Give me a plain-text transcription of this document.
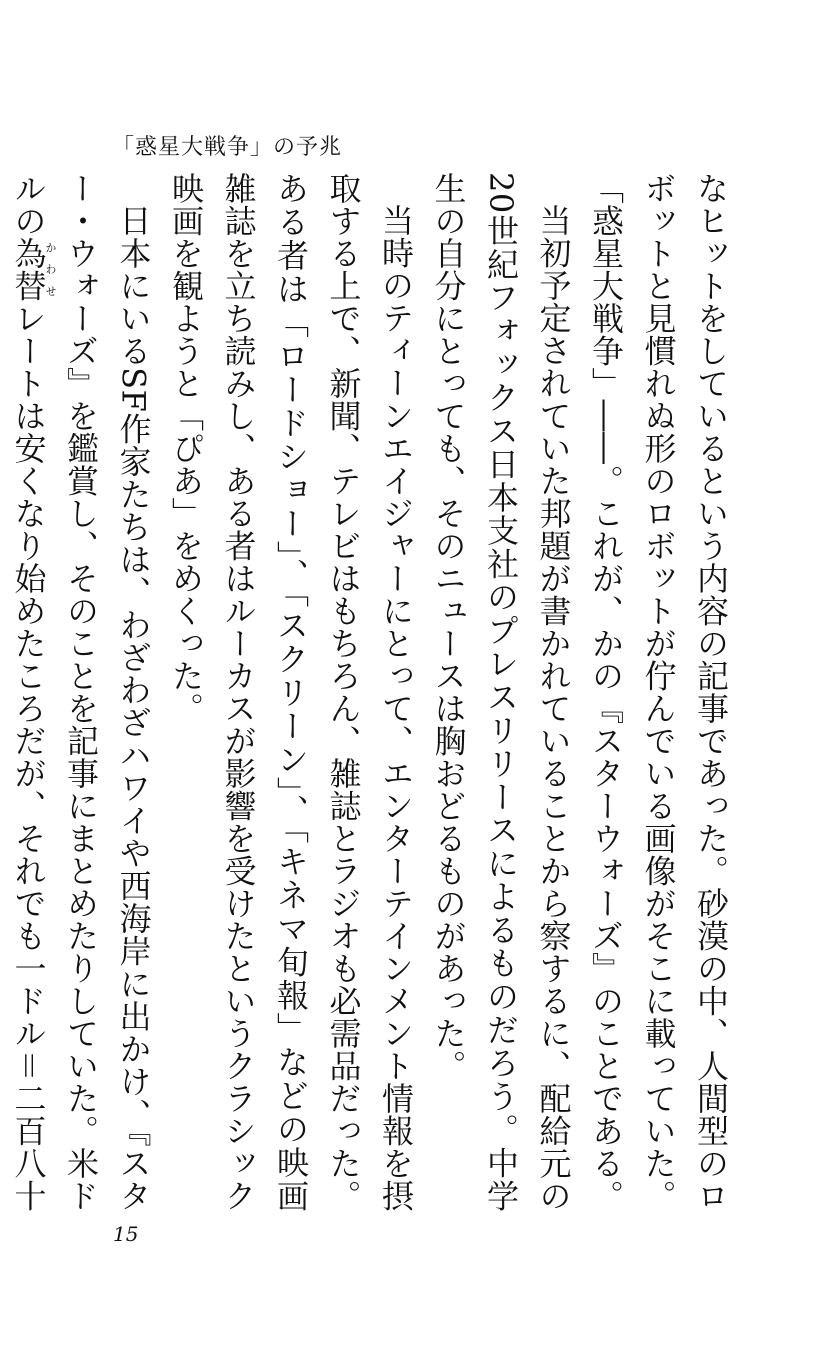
「惑星大戦争」の予兆

なヒットをしているという内容の記事であった。砂漠の中、人間型のロボットと見慣れぬ形のロボットが佇んでいる画像がそこに載っていた。「惑星大戦争」――。これが、かの『スターウォーズ』のことである。

当初予定されていた邦題が書かれていることから察するに、配給元の20世紀フォックス日本支社のプレスリリースによるものだろう。中学生の自分にとっても、そのニュースは胸おどるものがあった。

当時のティーンエイジャーにとって、エンターテインメント情報を摂取する上で、新聞、テレビはもちろん、雑誌とラジオも必需品だった。ある者は「ロードショー」、「スクリーン」、「キネマ旬報」などの映画雑誌を立ち読みし、ある者はルーカスが影響を受けたというクラシック映画を観ようと「ぴあ」をめくった。

日本にいるSF作家たちは、わざわざハワイや西海岸に出かけ、『スター・ウォーズ』を鑑賞し、そのことを記事にまとめたりしていた。米ドルの為替かわせレートは安くなり始めたころだが、それでも一ドル＝二百八十

15
